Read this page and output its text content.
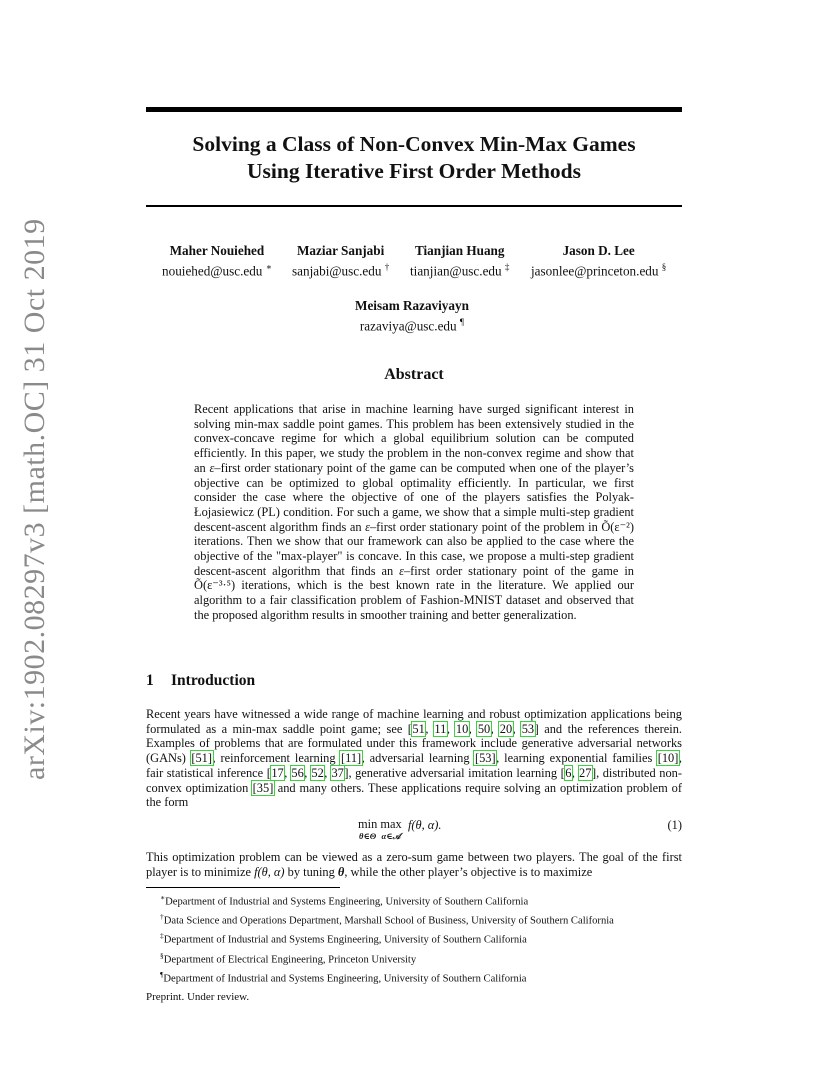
arXiv:1902.08297v3 [math.OC] 31 Oct 2019
Solving a Class of Non-Convex Min-Max Games
Using Iterative First Order Methods
Maher Nouiehed
nouiehed@usc.edu ∗
Maziar Sanjabi
sanjabi@usc.edu †
Tianjian Huang
tianjian@usc.edu ‡
Jason D. Lee
jasonlee@princeton.edu §
Meisam Razaviyayn
razaviya@usc.edu ¶
Abstract
Recent applications that arise in machine learning have surged significant interest in solving min-max saddle point games. This problem has been extensively studied in the convex-concave regime for which a global equilibrium solution can be computed efficiently. In this paper, we study the problem in the non-convex regime and show that an ε–first order stationary point of the game can be computed when one of the player’s objective can be optimized to global optimality efficiently. In particular, we first consider the case where the objective of one of the players satisfies the Polyak-Łojasiewicz (PL) condition. For such a game, we show that a simple multi-step gradient descent-ascent algorithm finds an ε–first order stationary point of the problem in Õ(ε⁻²) iterations. Then we show that our framework can also be applied to the case where the objective of the "max-player" is concave. In this case, we propose a multi-step gradient descent-ascent algorithm that finds an ε–first order stationary point of the game in Õ(ε⁻³·⁵) iterations, which is the best known rate in the literature. We applied our algorithm to a fair classification problem of Fashion-MNIST dataset and observed that the proposed algorithm results in smoother training and better generalization.
1 Introduction
Recent years have witnessed a wide range of machine learning and robust optimization applications being formulated as a min-max saddle point game; see [51, 11, 10, 50, 20, 53] and the references therein. Examples of problems that are formulated under this framework include generative adversarial networks (GANs) [51], reinforcement learning [11], adversarial learning [53], learning exponential families [10], fair statistical inference [17, 56, 52, 37], generative adversarial imitation learning [6, 27], distributed non-convex optimization [35] and many others. These applications require solving an optimization problem of the form
min
θ∈Θ
max
α∈𝒜
f(θ, α).	(1)
This optimization problem can be viewed as a zero-sum game between two players. The goal of the first player is to minimize f(θ, α) by tuning θ, while the other player’s objective is to maximize
∗Department of Industrial and Systems Engineering, University of Southern California
†Data Science and Operations Department, Marshall School of Business, University of Southern California
‡Department of Industrial and Systems Engineering, University of Southern California
§Department of Electrical Engineering, Princeton University
¶Department of Industrial and Systems Engineering, University of Southern California
Preprint. Under review.
